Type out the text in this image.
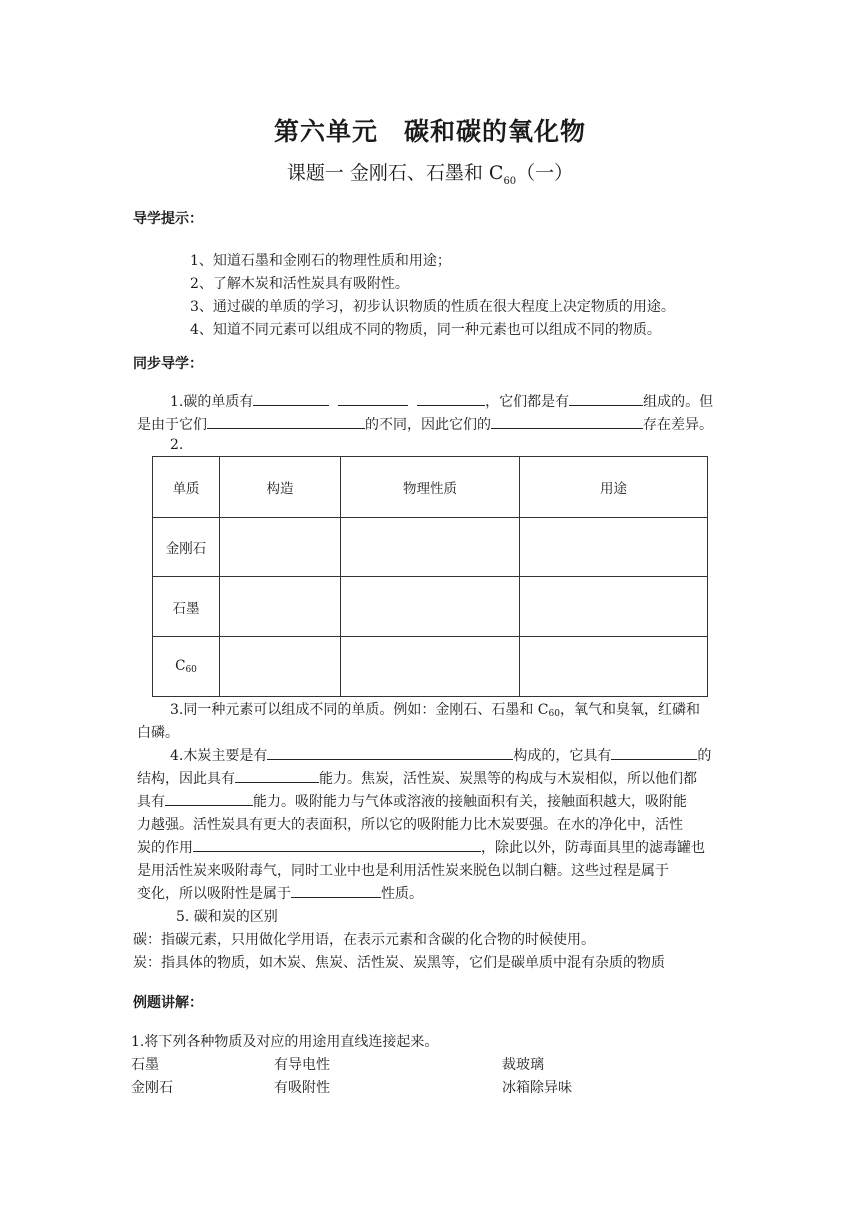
第六单元　碳和碳的氧化物
课题一 金刚石、石墨和 $C_{60}$（一）
导学提示：
1、知道石墨和金刚石的物理性质和用途；
2、了解木炭和活性炭具有吸附性。
3、通过碳的单质的学习，初步认识物质的性质在很大程度上决定物质的用途。
4、知道不同元素可以组成不同的物质，同一种元素也可以组成不同的物质。
同步导学：
1.碳的单质有	，它们都是有	组成的。但
是由于它们	的不同，因此它们的	存在差异。
2.
单质	构造	物理性质	用途
金刚石			
石墨			
C60			
3.同一种元素可以组成不同的单质。例如：金刚石、石墨和 C60，氧气和臭氧，红磷和
白磷。
4.木炭主要是有	构成的，它具有	的
结构，因此具有	能力。焦炭，活性炭、炭黑等的构成与木炭相似，所以他们都
具有	能力。吸附能力与气体或溶液的接触面积有关，接触面积越大，吸附能
力越强。活性炭具有更大的表面积，所以它的吸附能力比木炭要强。在水的净化中，活性
炭的作用	，除此以外，防毒面具里的滤毒罐也
是用活性炭来吸附毒气，同时工业中也是利用活性炭来脱色以制白糖。这些过程是属于
变化，所以吸附性是属于	性质。
5. 碳和炭的区别
碳：指碳元素，只用做化学用语，在表示元素和含碳的化合物的时候使用。
炭：指具体的物质，如木炭、焦炭、活性炭、炭黑等，它们是碳单质中混有杂质的物质
例题讲解：
1.将下列各种物质及对应的用途用直线连接起来。
石墨	有导电性	裁玻璃
金刚石	有吸附性	冰箱除异味
